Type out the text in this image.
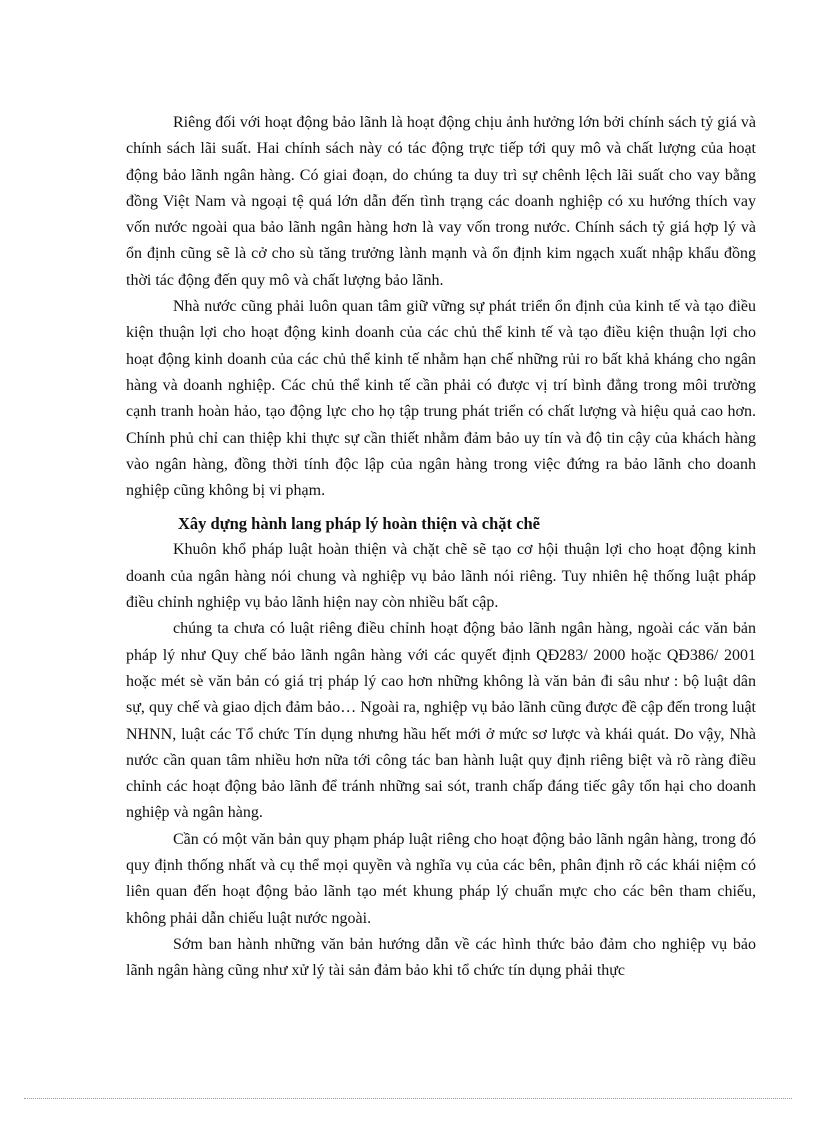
Riêng đối với hoạt động bảo lãnh là hoạt động chịu ảnh hưởng lớn bởi chính sách tỷ giá và chính sách lãi suất. Hai chính sách này có tác động trực tiếp tới quy mô và chất lượng của hoạt động bảo lãnh ngân hàng. Có giai đoạn, do chúng ta duy trì sự chênh lệch lãi suất cho vay bằng đồng Việt Nam và ngoại tệ quá lớn dẫn đến tình trạng các doanh nghiệp có xu hướng thích vay vốn nước ngoài qua bảo lãnh ngân hàng hơn là vay vốn trong nước. Chính sách tỷ giá hợp lý và ổn định cũng sẽ là cở cho sù tăng trưởng lành mạnh và ổn định kim ngạch xuất nhập khẩu đồng thời tác động đến quy mô và chất lượng bảo lãnh.

Nhà nước cũng phải luôn quan tâm giữ vững sự phát triển ổn định của kinh tế và tạo điều kiện thuận lợi cho hoạt động kinh doanh của các chủ thể kinh tế và tạo điều kiện thuận lợi cho hoạt động kinh doanh của các chủ thể kinh tế nhằm hạn chế những rủi ro bất khả kháng cho ngân hàng và doanh nghiệp. Các chủ thể kinh tế cần phải có được vị trí bình đẳng trong môi trường cạnh tranh hoàn hảo, tạo động lực cho họ tập trung phát triển có chất lượng và hiệu quả cao hơn. Chính phủ chỉ can thiệp khi thực sự cần thiết nhằm đảm bảo uy tín và độ tin cậy của khách hàng vào ngân hàng, đồng thời tính độc lập của ngân hàng trong việc đứng ra bảo lãnh cho doanh nghiệp cũng không bị vi phạm.

Xây dựng hành lang pháp lý hoàn thiện và chặt chẽ

Khuôn khổ pháp luật hoàn thiện và chặt chẽ sẽ tạo cơ hội thuận lợi cho hoạt động kinh doanh của ngân hàng nói chung và nghiệp vụ bảo lãnh nói riêng. Tuy nhiên hệ thống luật pháp điều chỉnh nghiệp vụ bảo lãnh hiện nay còn nhiều bất cập.

chúng ta chưa có luật riêng điều chỉnh hoạt động bảo lãnh ngân hàng, ngoài các văn bản pháp lý như Quy chế bảo lãnh ngân hàng với các quyết định QĐ283/ 2000 hoặc QĐ386/ 2001 hoặc mét sè văn bản có giá trị pháp lý cao hơn những không là văn bản đi sâu như : bộ luật dân sự, quy chế và giao dịch đảm bảo… Ngoài ra, nghiệp vụ bảo lãnh cũng được đề cập đến trong luật NHNN, luật các Tổ chức Tín dụng nhưng hầu hết mới ở mức sơ lược và khái quát. Do vậy, Nhà nước cần quan tâm nhiều hơn nữa tới công tác ban hành luật quy định riêng biệt và rõ ràng điều chỉnh các hoạt động bảo lãnh để tránh những sai sót, tranh chấp đáng tiếc gây tổn hại cho doanh nghiệp và ngân hàng.

Cần có một văn bản quy phạm pháp luật riêng cho hoạt động bảo lãnh ngân hàng, trong đó quy định thống nhất và cụ thể mọi quyền và nghĩa vụ của các bên, phân định rõ các khái niệm có liên quan đến hoạt động bảo lãnh tạo mét khung pháp lý chuẩn mực cho các bên tham chiếu, không phải dẫn chiếu luật nước ngoài.

Sớm ban hành những văn bản hướng dẫn về các hình thức bảo đảm cho nghiệp vụ bảo lãnh ngân hàng cũng như xử lý tài sản đảm bảo khi tổ chức tín dụng phải thực
